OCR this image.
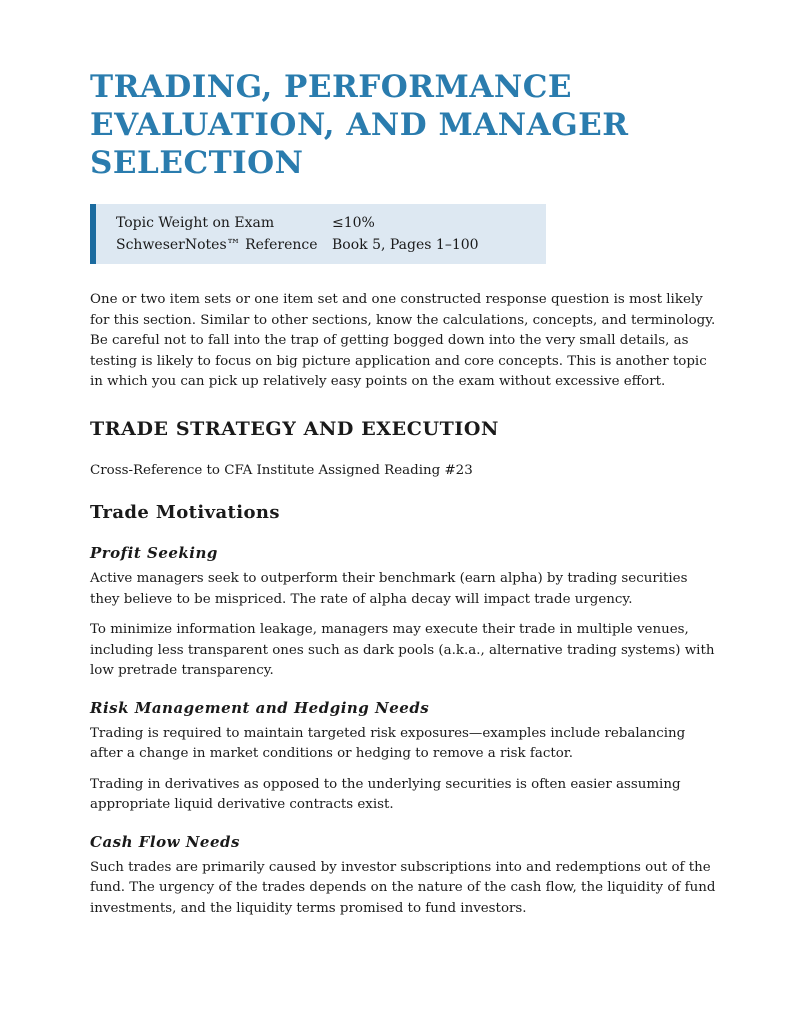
TRADING, PERFORMANCE
EVALUATION, AND MANAGER
SELECTION
Topic Weight on Exam	≤10%
SchweserNotes™ Reference	Book 5, Pages 1–100

One or two item sets or one item set and one constructed response question is most likely for this section. Similar to other sections, know the calculations, concepts, and terminology. Be careful not to fall into the trap of getting bogged down into the very small details, as testing is likely to focus on big picture application and core concepts. This is another topic in which you can pick up relatively easy points on the exam without excessive effort.

TRADE STRATEGY AND EXECUTION

Cross-Reference to CFA Institute Assigned Reading #23

Trade Motivations
Profit Seeking

Active managers seek to outperform their benchmark (earn alpha) by trading securities they believe to be mispriced. The rate of alpha decay will impact trade urgency.

To minimize information leakage, managers may execute their trade in multiple venues, including less transparent ones such as dark pools (a.k.a., alternative trading systems) with low pretrade transparency.

Risk Management and Hedging Needs

Trading is required to maintain targeted risk exposures—examples include rebalancing after a change in market conditions or hedging to remove a risk factor.

Trading in derivatives as opposed to the underlying securities is often easier assuming appropriate liquid derivative contracts exist.

Cash Flow Needs

Such trades are primarily caused by investor subscriptions into and redemptions out of the fund. The urgency of the trades depends on the nature of the cash flow, the liquidity of fund investments, and the liquidity terms promised to fund investors.
